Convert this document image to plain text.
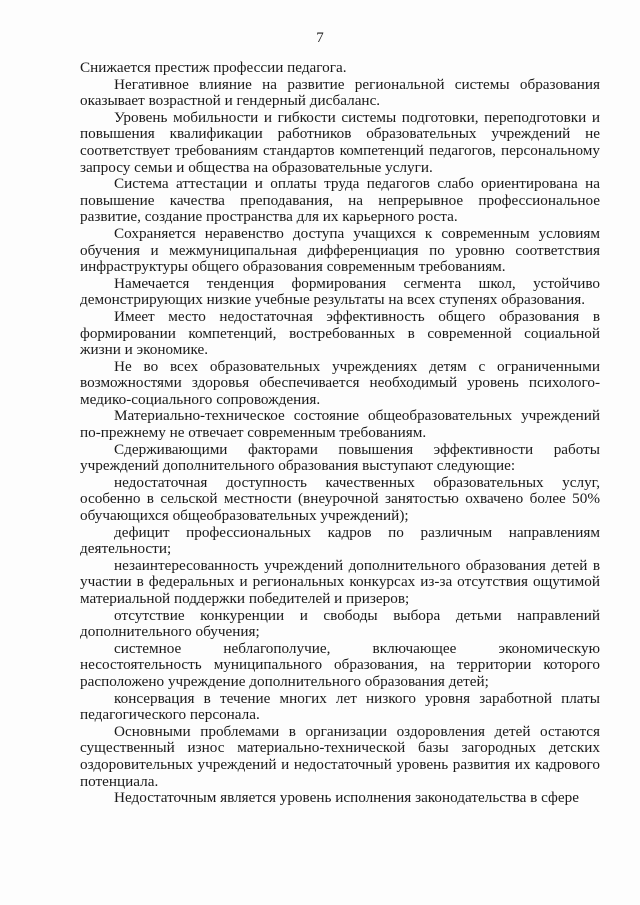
7

Снижается престиж профессии педагога.

Негативное влияние на развитие региональной системы образования оказывает возрастной и гендерный дисбаланс.

Уровень мобильности и гибкости системы подготовки, переподготовки и повышения квалификации работников образовательных учреждений не соответствует требованиям стандартов компетенций педагогов, персональному запросу семьи и общества на образовательные услуги.

Система аттестации и оплаты труда педагогов слабо ориентирована на повышение качества преподавания, на непрерывное профессиональное развитие, создание пространства для их карьерного роста.

Сохраняется неравенство доступа учащихся к современным условиям обучения и межмуниципальная дифференциация по уровню соответствия инфраструктуры общего образования современным требованиям.

Намечается тенденция формирования сегмента школ, устойчиво демонстрирующих низкие учебные результаты на всех ступенях образования.

Имеет место недостаточная эффективность общего образования в формировании компетенций, востребованных в современной социальной жизни и экономике.

Не во всех образовательных учреждениях детям с ограниченными возможностями здоровья обеспечивается необходимый уровень психолого-медико-социального сопровождения.

Материально-техническое состояние общеобразовательных учреждений по-прежнему не отвечает современным требованиям.

Сдерживающими факторами повышения эффективности работы учреждений дополнительного образования выступают следующие:

недостаточная доступность качественных образовательных услуг, особенно в сельской местности (внеурочной занятостью охвачено более 50% обучающихся общеобразовательных учреждений);

дефицит профессиональных кадров по различным направлениям деятельности;

незаинтересованность учреждений дополнительного образования детей в участии в федеральных и региональных конкурсах из-за отсутствия ощутимой материальной поддержки победителей и призеров;

отсутствие конкуренции и свободы выбора детьми направлений дополнительного обучения;

системное неблагополучие, включающее экономическую несостоятельность муниципального образования, на территории которого расположено учреждение дополнительного образования детей;

консервация в течение многих лет низкого уровня заработной платы педагогического персонала.

Основными проблемами в организации оздоровления детей остаются существенный износ материально-технической базы загородных детских оздоровительных учреждений и недостаточный уровень развития их кадрового потенциала.

Недостаточным является уровень исполнения законодательства в сфере
